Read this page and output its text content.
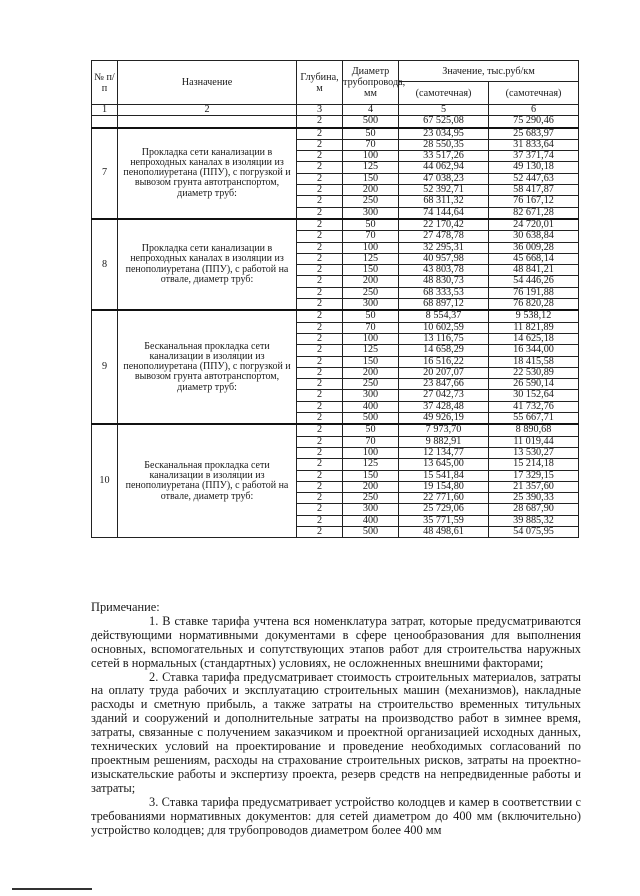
№ п/п	Назначение	Глубина, м	Диаметр трубопровода, мм	Значение, тыс.руб/км	
				(самотечная)	(самотечная)
1	2	3	4	5	6
		2	500	67 525,08	75 290,46
7	Прокладка сети канализации в непроходных каналах в изоляции из пенополиуретана (ППУ), с погрузкой и вывозом грунта автотранспортом, диаметр труб:	2	50	23 034,95	25 683,97
		2	70	28 550,35	31 833,64
		2	100	33 517,26	37 371,74
		2	125	44 062,94	49 130,18
		2	150	47 038,23	52 447,63
		2	200	52 392,71	58 417,87
		2	250	68 311,32	76 167,12
		2	300	74 144,64	82 671,28
8	Прокладка сети канализации в непроходных каналах в изоляции из пенополиуретана (ППУ), с работой на отвале, диаметр труб:	2	50	22 170,42	24 720,01
		2	70	27 478,78	30 638,84
		2	100	32 295,31	36 009,28
		2	125	40 957,98	45 668,14
		2	150	43 803,78	48 841,21
		2	200	48 830,73	54 446,26
		2	250	68 333,53	76 191,88
		2	300	68 897,12	76 820,28
9	Бесканальная прокладка сети канализации в изоляции из пенополиуретана (ППУ), с погрузкой и вывозом грунта автотранспортом, диаметр труб:	2	50	8 554,37	9 538,12
		2	70	10 602,59	11 821,89
		2	100	13 116,75	14 625,18
		2	125	14 658,29	16 344,00
		2	150	16 516,22	18 415,58
		2	200	20 207,07	22 530,89
		2	250	23 847,66	26 590,14
		2	300	27 042,73	30 152,64
		2	400	37 428,48	41 732,76
		2	500	49 926,19	55 667,71
10	Бесканальная прокладка сети канализации в изоляции из пенополиуретана (ППУ), с работой на отвале, диаметр труб:	2	50	7 973,70	8 890,68
		2	70	9 882,91	11 019,44
		2	100	12 134,77	13 530,27
		2	125	13 645,00	15 214,18
		2	150	15 541,84	17 329,15
		2	200	19 154,80	21 357,60
		2	250	22 771,60	25 390,33
		2	300	25 729,06	28 687,90
		2	400	35 771,59	39 885,32
		2	500	48 498,61	54 075,95

Примечание:

1. В ставке тарифа учтена вся номенклатура затрат, которые предусматриваются действующими нормативными документами в сфере ценообразования для выполнения основных, вспомогательных и сопутствующих этапов работ для строительства наружных сетей в нормальных (стандартных) условиях, не осложненных внешними факторами;

2. Ставка тарифа предусматривает стоимость строительных материалов, затраты на оплату труда рабочих и эксплуатацию строительных машин (механизмов), накладные расходы и сметную прибыль, а также затраты на строительство временных титульных зданий и сооружений и дополнительные затраты на производство работ в зимнее время, затраты, связанные с получением заказчиком и проектной организацией исходных данных, технических условий на проектирование и проведение необходимых согласований по проектным решениям, расходы на страхование строительных рисков, затраты на проектно-изыскательские работы и экспертизу проекта, резерв средств на непредвиденные работы и затраты;

3. Ставка тарифа предусматривает устройство колодцев и камер в соответствии с требованиями нормативных документов: для сетей диаметром до 400 мм (включительно) устройство колодцев; для трубопроводов диаметром более 400 мм
